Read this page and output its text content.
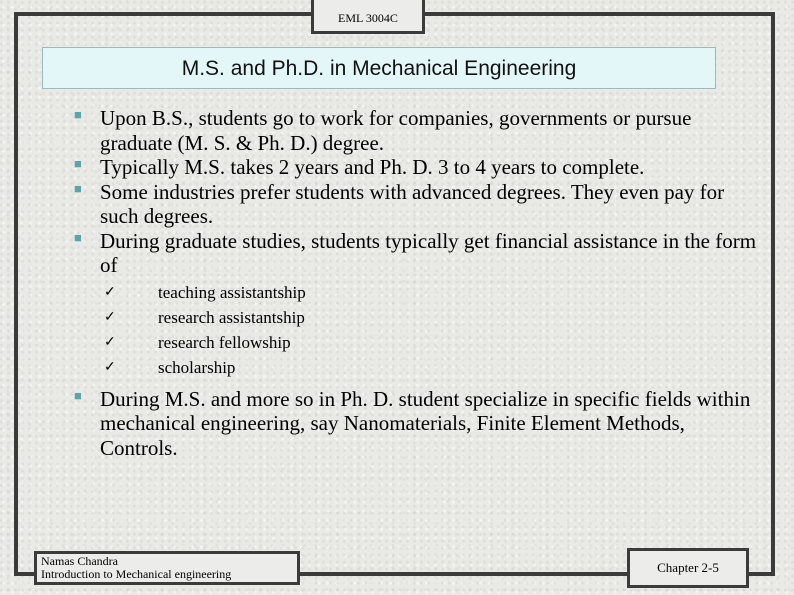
EML 3004C
M.S. and Ph.D. in Mechanical Engineering
■ Upon B.S., students go to work for companies, governments or pursue graduate (M. S. & Ph. D.) degree.
■ Typically M.S. takes 2 years and Ph. D. 3 to 4 years to complete.
■ Some industries prefer students with advanced degrees. They even pay for such degrees.
■ During graduate studies, students typically get financial assistance in the form of
✓ teaching assistantship
✓ research assistantship
✓ research fellowship
✓ scholarship
■ During M.S. and more so in Ph. D. student specialize in specific fields within mechanical engineering, say Nanomaterials, Finite Element Methods, Controls.
Namas Chandra
Introduction to Mechanical engineering	Chapter 2-5
